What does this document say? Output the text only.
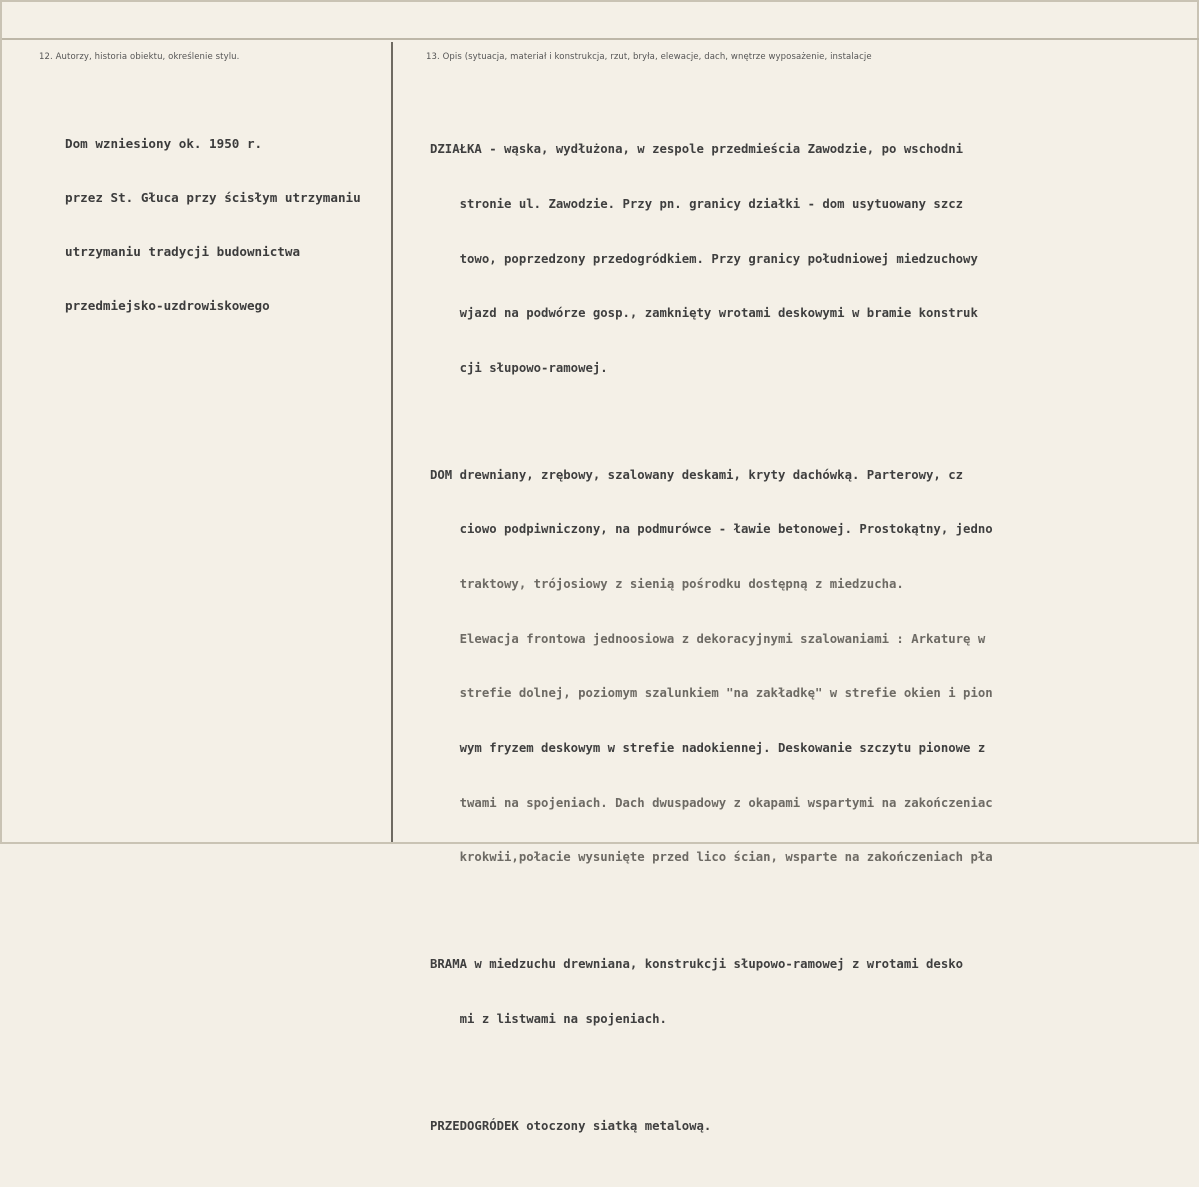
12. Autorzy, historia obiektu, określenie stylu.	13. Opis (sytuacja, materiał i konstrukcja, rzut, bryła, elewacje, dach, wnętrze wyposażenie, instalacje

Dom wzniesiony ok. 1950 r.

przez St. Głuca przy ścisłym utrzymaniu

utrzymaniu tradycji budownictwa

przedmiejsko-uzdrowiskowego

DZIAŁKA - wąska, wydłużona, w zespole przedmieścia Zawodzie, po wschodni

stronie ul. Zawodzie. Przy pn. granicy działki - dom usytuowany szcz

towo, poprzedzony przedogródkiem. Przy granicy południowej miedzuchowy

wjazd na podwórze gosp., zamknięty wrotami deskowymi w bramie konstruk

cji słupowo-ramowej.

DOM drewniany, zrębowy, szalowany deskami, kryty dachówką. Parterowy, cz

ciowo podpiwniczony, na podmurówce - ławie betonowej. Prostokątny, jedno

traktowy, trójosiowy z sienią pośrodku dostępną z miedzucha.

Elewacja frontowa jednoosiowa z dekoracyjnymi szalowaniami : Arkaturę w

strefie dolnej, poziomym szalunkiem "na zakładkę" w strefie okien i pion

wym fryzem deskowym w strefie nadokiennej. Deskowanie szczytu pionowe z

twami na spojeniach. Dach dwuspadowy z okapami wspartymi na zakończeniac

krokwii,połacie wysunięte przed lico ścian, wsparte na zakończeniach pła

BRAMA w miedzuchu drewniana, konstrukcji słupowo-ramowej z wrotami desko

mi z listwami na spojeniach.

PRZEDOGRÓDEK otoczony siatką metalową.
